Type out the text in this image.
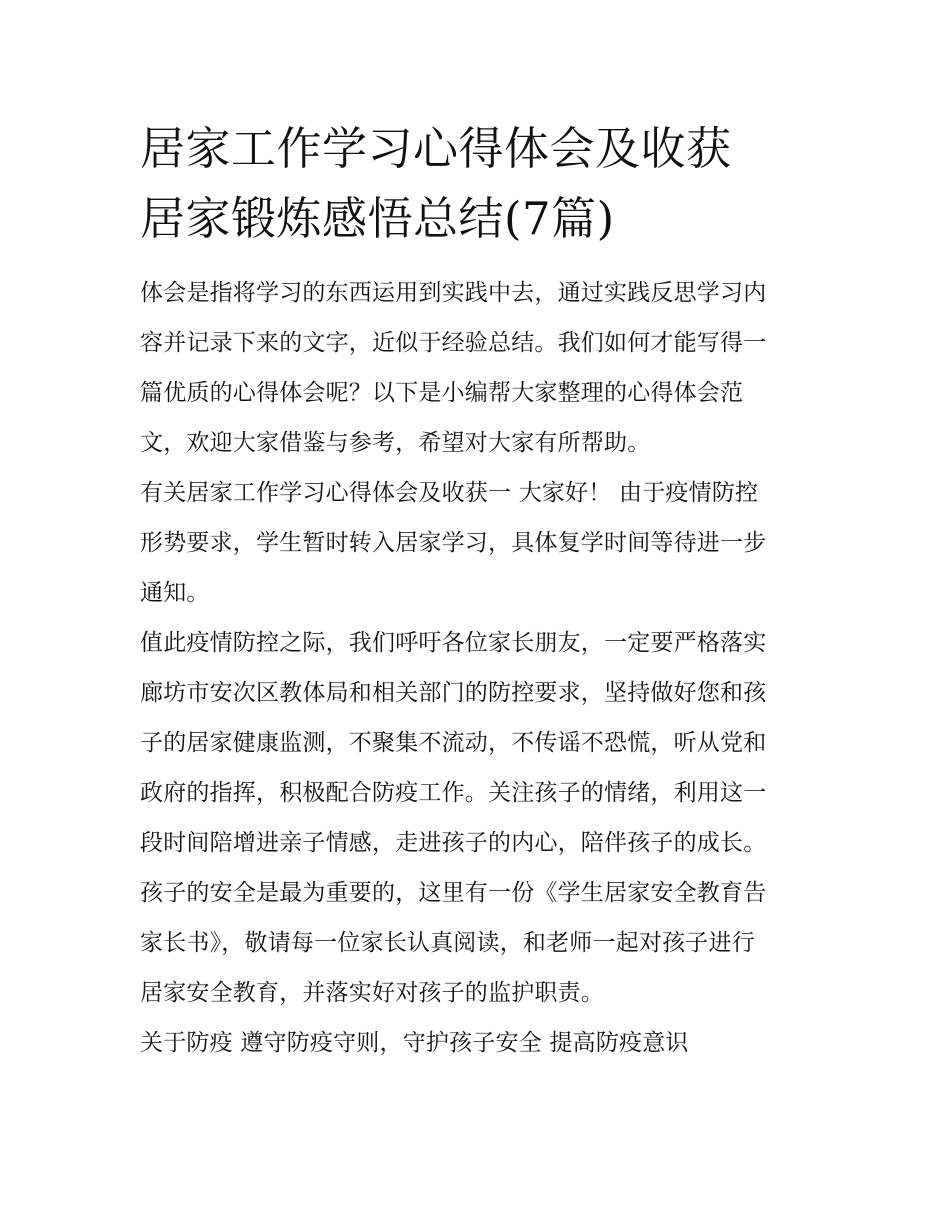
居家工作学习心得体会及收获
居家锻炼感悟总结(7篇)

体会是指将学习的东西运用到实践中去，通过实践反思学习内
容并记录下来的文字，近似于经验总结。我们如何才能写得一
篇优质的心得体会呢？以下是小编帮大家整理的心得体会范
文，欢迎大家借鉴与参考，希望对大家有所帮助。

有关居家工作学习心得体会及收获一 大家好！ 由于疫情防控
形势要求，学生暂时转入居家学习，具体复学时间等待进一步
通知。

值此疫情防控之际，我们呼吁各位家长朋友，一定要严格落实
廊坊市安次区教体局和相关部门的防控要求，坚持做好您和孩
子的居家健康监测，不聚集不流动，不传谣不恐慌，听从党和
政府的指挥，积极配合防疫工作。关注孩子的情绪，利用这一
段时间陪增进亲子情感，走进孩子的内心，陪伴孩子的成长。
孩子的安全是最为重要的，这里有一份《学生居家安全教育告
家长书》，敬请每一位家长认真阅读，和老师一起对孩子进行
居家安全教育，并落实好对孩子的监护职责。

关于防疫 遵守防疫守则，守护孩子安全 提高防疫意识
